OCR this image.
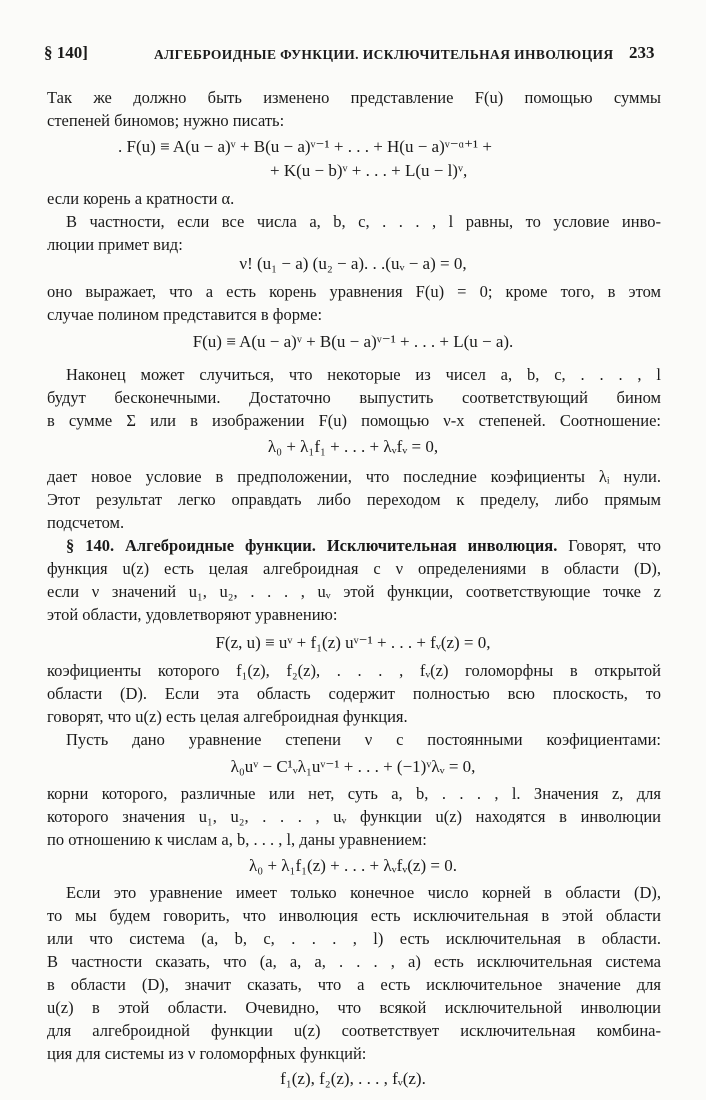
§ 140]	АЛГЕБРОИДНЫЕ ФУНКЦИИ. ИСКЛЮЧИТЕЛЬНАЯ ИНВОЛЮЦИЯ 233

Так же должно быть изменено представление F(u) помощью суммы

степеней биномов; нужно писать:

. F(u) ≡ A(u − a)ᵛ + B(u − a)ᵛ⁻¹ + . . . + H(u − a)ᵛ⁻ᵅ⁺¹ +

+ K(u − b)ᵛ + . . . + L(u − l)ᵛ,

если корень a кратности α.

В частности, если все числа a, b, c, . . . , l равны, то условие инво-

люции примет вид:

ν! (u₁ − a) (u₂ − a). . .(uᵥ − a) = 0,

оно выражает, что a есть корень уравнения F(u) = 0; кроме того, в этом

случае полином представится в форме:

F(u) ≡ A(u − a)ᵛ + B(u − a)ᵛ⁻¹ + . . . + L(u − a).

Наконец может случиться, что некоторые из чисел a, b, c, . . . , l

будут бесконечными. Достаточно выпустить соответствующий бином

в сумме Σ или в изображении F(u) помощью ν-х степеней. Соотношение:

λ₀ + λ₁f₁ + . . . + λᵥfᵥ = 0,

дает новое условие в предположении, что последние коэфициенты λᵢ нули.

Этот результат легко оправдать либо переходом к пределу, либо прямым

подсчетом.

§ 140. Алгеброидные функции. Исключительная инволюция. Говорят, что

функция u(z) есть целая алгеброидная с ν определениями в области (D),

если ν значений u₁, u₂, . . . , uᵥ этой функции, соответствующие точке z

этой области, удовлетворяют уравнению:

F(z, u) ≡ uᵛ + f₁(z) uᵛ⁻¹ + . . . + fᵥ(z) = 0,

коэфициенты которого f₁(z), f₂(z), . . . , fᵥ(z) голоморфны в открытой

области (D). Если эта область содержит полностью всю плоскость, то

говорят, что u(z) есть целая алгеброидная функция.

Пусть дано уравнение степени ν с постоянными коэфициентами:

λ₀uᵛ − C¹ᵥλ₁uᵛ⁻¹ + . . . + (−1)ᵛλᵥ = 0,

корни которого, различные или нет, суть a, b, . . . , l. Значения z, для

которого значения u₁, u₂, . . . , uᵥ функции u(z) находятся в инволюции

по отношению к числам a, b, . . . , l, даны уравнением:

λ₀ + λ₁f₁(z) + . . . + λᵥfᵥ(z) = 0.

Если это уравнение имеет только конечное число корней в области (D),

то мы будем говорить, что инволюция есть исключительная в этой области

или что система (a, b, c, . . . , l) есть исключительная в области.

В частности сказать, что (a, a, a, . . . , a) есть исключительная система

в области (D), значит сказать, что a есть исключительное значение для

u(z) в этой области. Очевидно, что всякой исключительной инволюции

для алгеброидной функции u(z) соответствует исключительная комбина-

ция для системы из ν голоморфных функций:

f₁(z), f₂(z), . . . , fᵥ(z).
